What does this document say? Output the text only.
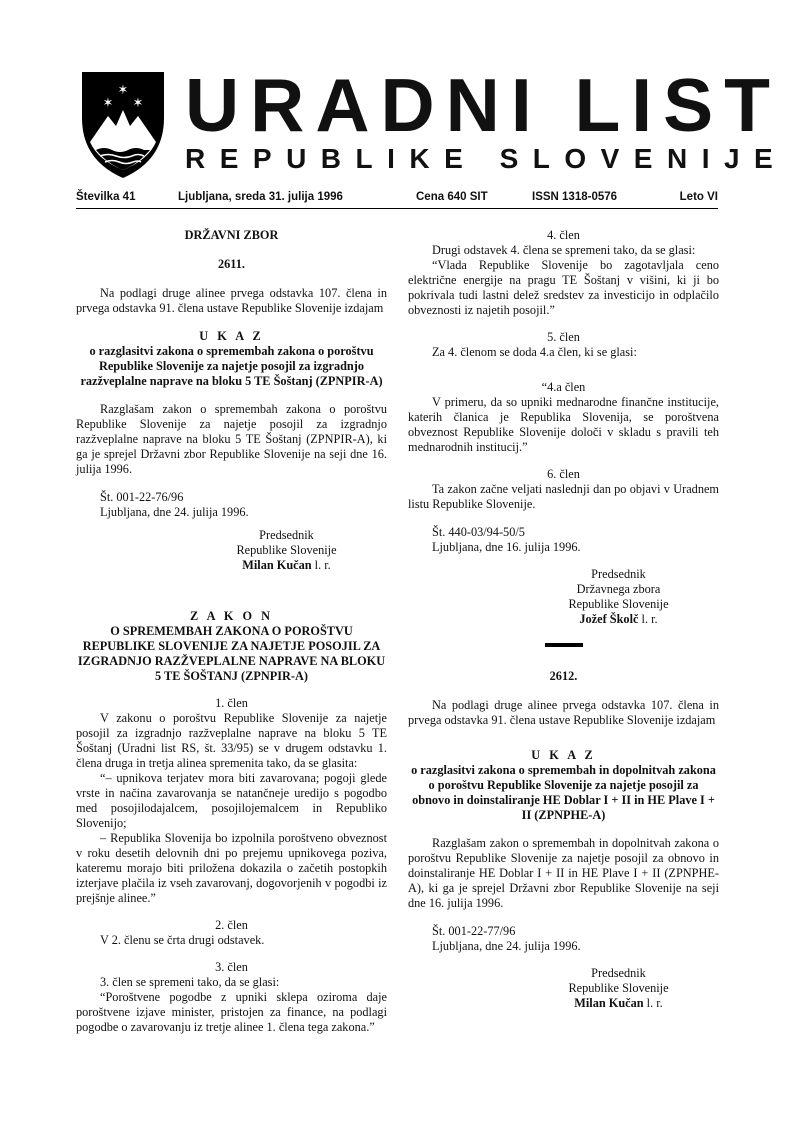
✶
✶ ✶ URADNI LIST
REPUBLIKE SLOVENIJE
Številka 41	Ljubljana, sreda 31. julija 1996	Cena 640 SIT	ISSN 1318-0576	Leto VI

DRŽAVNI ZBOR

2611.

Na podlagi druge alinee prvega odstavka 107. člena in prvega odstavka 91. člena ustave Republike Slovenije izdajam

U K A Z

o razglasitvi zakona o spremembah zakona o poroštvu Republike Slovenije za najetje posojil za izgradnjo razžveplalne naprave na bloku 5 TE Šoštanj (ZPNPIR-A)

Razglašam zakon o spremembah zakona o poroštvu Republike Slovenije za najetje posojil za izgradnjo razžveplalne naprave na bloku 5 TE Šoštanj (ZPNPIR-A), ki ga je sprejel Državni zbor Republike Slovenije na seji dne 16. julija 1996.

Št. 001-22-76/96

Ljubljana, dne 24. julija 1996.

Predsednik

Republike Slovenije

Milan Kučan l. r.

Z A K O N

O SPREMEMBAH ZAKONA O POROŠTVU REPUBLIKE SLOVENIJE ZA NAJETJE POSOJIL ZA IZGRADNJO RAZŽVEPLALNE NAPRAVE NA BLOKU 5 TE ŠOŠTANJ (ZPNPIR-A)

1. člen

V zakonu o poroštvu Republike Slovenije za najetje posojil za izgradnjo razžveplalne naprave na bloku 5 TE Šoštanj (Uradni list RS, št. 33/95) se v drugem odstavku 1. člena druga in tretja alinea spremenita tako, da se glasita:

“– upnikova terjatev mora biti zavarovana; pogoji glede vrste in načina zavarovanja se natančneje uredijo s pogodbo med posojilodajalcem, posojilojemalcem in Republiko Slovenijo;

– Republika Slovenija bo izpolnila poroštveno obveznost v roku desetih delovnih dni po prejemu upnikovega poziva, kateremu morajo biti priložena dokazila o začetih postopkih izterjave plačila iz vseh zavarovanj, dogovorjenih v pogodbi iz prejšnje alinee.”

2. člen

V 2. členu se črta drugi odstavek.

3. člen

3. člen se spremeni tako, da se glasi:

“Poroštvene pogodbe z upniki sklepa oziroma daje poroštvene izjave minister, pristojen za finance, na podlagi pogodbe o zavarovanju iz tretje alinee 1. člena tega zakona.”

4. člen

Drugi odstavek 4. člena se spremeni tako, da se glasi:

“Vlada Republike Slovenije bo zagotavljala ceno električne energije na pragu TE Šoštanj v višini, ki ji bo pokrivala tudi lastni delež sredstev za investicijo in odplačilo obveznosti iz najetih posojil.”

5. člen

Za 4. členom se doda 4.a člen, ki se glasi:

“4.a člen

V primeru, da so upniki mednarodne finančne institucije, katerih članica je Republika Slovenija, se poroštvena obveznost Republike Slovenije določi v skladu s pravili teh mednarodnih institucij.”

6. člen

Ta zakon začne veljati naslednji dan po objavi v Uradnem listu Republike Slovenije.

Št. 440-03/94-50/5

Ljubljana, dne 16. julija 1996.

Predsednik

Državnega zbora

Republike Slovenije

Jožef Školč l. r.

2612.

Na podlagi druge alinee prvega odstavka 107. člena in prvega odstavka 91. člena ustave Republike Slovenije izdajam

U K A Z

o razglasitvi zakona o spremembah in dopolnitvah zakona o poroštvu Republike Slovenije za najetje posojil za obnovo in doinstaliranje HE Doblar I + II in HE Plave I + II (ZPNPHE-A)

Razglašam zakon o spremembah in dopolnitvah zakona o poroštvu Republike Slovenije za najetje posojil za obnovo in doinstaliranje HE Doblar I + II in HE Plave I + II (ZPNPHE-A), ki ga je sprejel Državni zbor Republike Slovenije na seji dne 16. julija 1996.

Št. 001-22-77/96

Ljubljana, dne 24. julija 1996.

Predsednik

Republike Slovenije

Milan Kučan l. r.
